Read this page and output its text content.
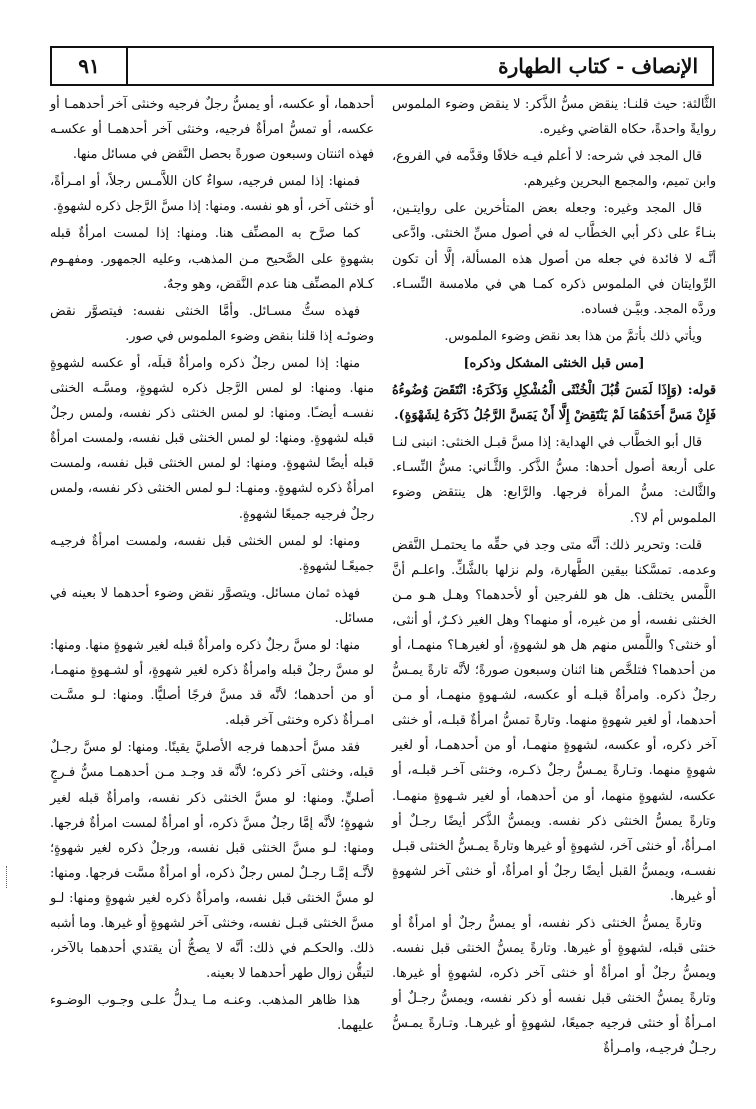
الإنصاف - كتاب الطهارة
٩١

الثَّالثة: حيث قلنـا: ينقض مسُّ الذَّكر: لا ينقض وضوء الملموس روايةً واحدةً، حكاه القاضي وغيره.

قال المجد في شرحه: لا أعلم فيـه خلافًا وقدَّمه في الفروع، وابن تميم، والمجمع البحرين وغيرهم.

قال المجد وغيره: وجعله بعض المتأخرين على روايتـين، بنـاءً على ذكر أبي الخطَّاب له في أصول مسِّ الخنثى. وادَّعى أنَّـه لا فائدة في جعله من أصول هذه المسألة، إلَّا أن تكون الرِّوايتان في الملموس ذكره كمـا هي في ملامسة النِّسـاء. وردَّه المجد. وبيَّـن فساده.

ويأتي ذلك بأتمَّ من هذا بعد نقض وضوء الملموس.

[مس قبل الخنثى المشكل وذكره]

قوله: (وَإِذَا لَمَسَ قُبُلَ الْخُنْثَى الْمُشْكِلِ وَذَكَرَهُ: انْتَقَضَ وُضُوءُهُ فَإِنْ مَسَّ أَحَدَهُمَا لَمْ يَنْتَقِضْ إِلَّا أَنْ يَمَسَّ الرَّجُلُ ذَكَرَهُ لِشَهْوَةٍ).

قال أبو الخطَّاب في الهداية: إذا مسَّ قبـل الخنثى: انبنى لنـا على أربعة أصول أحدها: مسُّ الذَّكر. والثَّـاني: مسُّ النِّسـاء. والثَّالث: مسُّ المرأة فرجها. والرَّابع: هل ينتقض وضوء الملموس أم لا؟.

قلت: وتحرير ذلك: أنَّه متى وجد في حقِّه ما يحتمـل النَّقض وعدمه. تمسَّكنا بيقين الطَّهارة، ولم نزلها بالشَّكِّ. واعلـم أنَّ اللَّمس يختلف. هل هو للفرجين أو لأحدهما؟ وهـل هـو مـن الخنثى نفسه، أو من غيره، أو منهما؟ وهل الغير ذكـرٌ، أو أنثى، أو خنثى؟ واللَّمس منهم هل هو لشهوةٍ، أو لغيرهـا؟ منهمـا، أو من أحدهما؟ فتلخَّص هنا اثنان وسبعون صورةً؛ لأنَّه تارةً يمـسُّ رجلٌ ذكره. وامرأةٌ قبلـه أو عكسه، لشـهوةٍ منهمـا، أو مـن أحدهما، أو لغير شهوةٍ منهما. وتارةً تمسُّ امرأةٌ قبلـه، أو خنثى آخر ذكره، أو عكسه، لشهوةٍ منهمـا، أو من أحدهمـا، أو لغير شهوةٍ منهما. وتـارةً يمـسُّ رجلٌ ذكـره، وخنثى آخـر قبلـه، أو عكسه، لشهوةٍ منهما، أو من أحدهما، أو لغير شـهوةٍ منهمـا. وتارةً يمسُّ الخنثى ذكر نفسه. ويمسُّ الذَّكر أيضًا رجـلٌ أو امـرأةٌ، أو خنثى آخر، لشهوةٍ أو غيرها وتارةً يمـسُّ الخنثى قبـل نفسـه، ويمسُّ القبل أيضًا رجلٌ أو امرأةٌ، أو خنثى آخر لشهوةٍ أو غيرها.

وتارةً يمسُّ الخنثى ذكر نفسه، أو يمسُّ رجلٌ أو امرأةٌ أو خنثى قبله، لشهوةٍ أو غيرها. وتارةً يمسُّ الخنثى قبل نفسه. ويمسُّ رجلٌ أو امرأةٌ أو خنثى آخر ذكره، لشهوةٍ أو غيرها. وتارةً يمسُّ الخنثى قبل نفسه أو ذكر نفسه، ويمسُّ رجـلٌ أو امـرأةٌ أو خنثى فرجيه جميعًا، لشهوةٍ أو غيرهـا. وتـارةً يمـسُّ رجـلٌ فرجيـه، وامـرأةٌ

أحدهما، أو عكسه، أو يمسُّ رجلٌ فرجيه وخنثى آخر أحدهمـا أو عكسه، أو تمسُّ امرأةٌ فرجيه، وخنثى آخر أحدهمـا أو عكسـه فهذه اثنتان وسبعون صورةً بحصل النَّقض في مسائل منها.

فمنها: إذا لمس فرجيه، سواءٌ كان اللاَّمـس رجلاً، أو امـرأةً، أو خنثى آخر، أو هو نفسه. ومنها: إذا مسَّ الرَّجل ذكره لشهوةٍ.

كما صرَّح به المصنِّف هنا. ومنها: إذا لمست امرأةٌ قبله بشهوةٍ على الصَّحيح مـن المذهب، وعليه الجمهور. ومفهـوم كـلام المصنِّف هنا عدم النَّقض، وهو وجهٌ.

فهذه ستُّ مسـائل. وأمَّا الخنثى نفسه: فيتصوَّر نقض وضوئـه إذا قلنا بنقض وضوء الملموس في صور.

منها: إذا لمس رجلٌ ذكره وامرأةٌ قبلَه، أو عكسه لشهوةٍ منها. ومنها: لو لمس الرَّجل ذكره لشهوةٍ، ومسَّـه الخنثى نفسـه أيضـًا. ومنها: لو لمس الخنثى ذكر نفسه، ولمس رجلٌ قبله لشهوةٍ. ومنها: لو لمس الخنثى قبل نفسه، ولمست امرأةٌ قبله أيضًا لشهوةٍ. ومنها: لو لمس الخنثى قبل نفسه، ولمست امرأةٌ ذكره لشهوةٍ. ومنهـا: لـو لمس الخنثى ذكر نفسه، ولمس رجلٌ فرجيه جميعًا لشهوةٍ.

ومنها: لو لمس الخنثى قبل نفسه، ولمست امرأةٌ فرجيـه جميعًـا لشهوةٍ.

فهذه ثمان مسائل. ويتصوَّر نقض وضوء أحدهما لا بعينه في مسائل.

منها: لو مسَّ رجلٌ ذكره وامرأةٌ قبله لغير شهوةٍ منها. ومنها: لو مسَّ رجلٌ قبله وامرأةٌ ذكره لغير شهوةٍ، أو لشـهوةٍ منهمـا، أو من أحدهما؛ لأنَّه قد مسَّ فرجًا أصليًّا. ومنها: لـو مسَّـت امـرأةٌ ذكره وخنثى آخر قبله.

فقد مسَّ أحدهما فرجه الأصليَّ يقينًا. ومنها: لو مسَّ رجـلٌ قبله، وخنثى آخر ذكره؛ لأنَّه قد وجـد مـن أحدهمـا مسُّ فـرجٍ أصليٍّ. ومنها: لو مسَّ الخنثى ذكر نفسه، وامرأةٌ قبله لغير شهوةٍ؛ لأنَّه إمَّا رجلٌ مسَّ ذكره، أو امرأةٌ لمست امرأةٌ فرجها. ومنها: لـو مسَّ الخنثى قبل نفسه، ورجلٌ ذكره لغير شهوةٍ؛ لأنَّـه إمَّـا رجـلٌ لمس رجلٌ ذكره، أو امرأةٌ مسَّت فرجها. ومنها: لو مسَّ الخنثى قبل نفسه، وامرأةٌ ذكره لغير شهوةٍ ومنها: لـو مسَّ الخنثى قبـل نفسه، وخنثى آخر لشهوةٍ أو غيرها. وما أشبه ذلك. والحكـم في ذلك: أنَّه لا يصحُّ أن يقتدي أحدهما بالآخر، لتيقُّن زوال طهر أحدهما لا بعينه.

هذا ظاهر المذهب. وعنـه مـا يـدلُّ علـى وجـوب الوضـوء عليهما.
